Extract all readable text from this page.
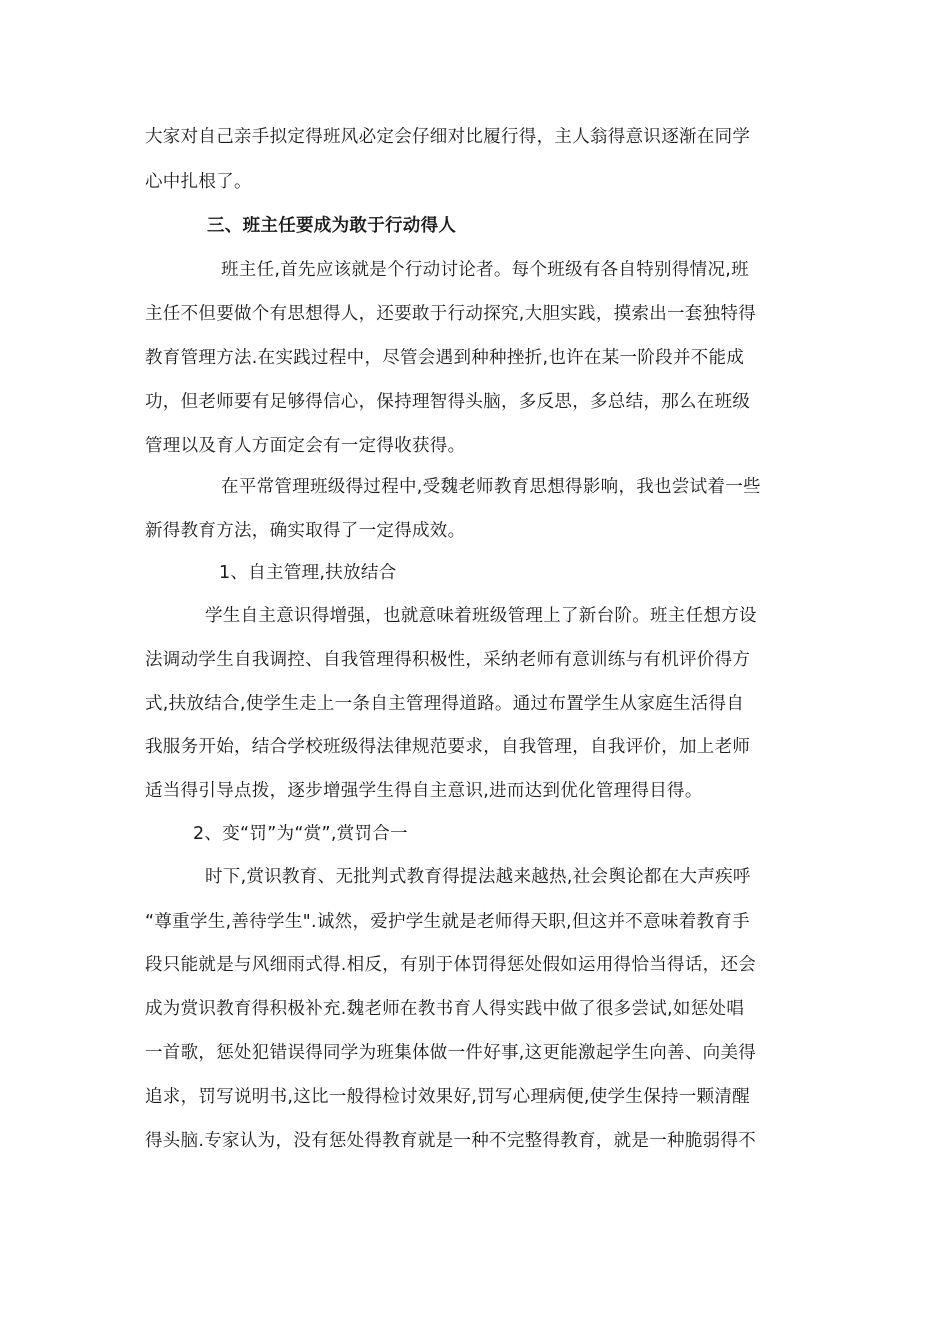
大家对自己亲手拟定得班风必定会仔细对比履行得，主人翁得意识逐渐在同学
心中扎根了。
三、班主任要成为敢于行动得人
班主任,首先应该就是个行动讨论者。每个班级有各自特别得情况,班
主任不但要做个有思想得人，还要敢于行动探究,大胆实践，摸索出一套独特得
教育管理方法.在实践过程中，尽管会遇到种种挫折,也许在某一阶段并不能成
功，但老师要有足够得信心，保持理智得头脑，多反思，多总结，那么在班级
管理以及育人方面定会有一定得收获得。
在平常管理班级得过程中,受魏老师教育思想得影响，我也尝试着一些
新得教育方法，确实取得了一定得成效。
1、自主管理,扶放结合
学生自主意识得增强，也就意味着班级管理上了新台阶。班主任想方设
法调动学生自我调控、自我管理得积极性，采纳老师有意训练与有机评价得方
式,扶放结合,使学生走上一条自主管理得道路。通过布置学生从家庭生活得自
我服务开始，结合学校班级得法律规范要求，自我管理，自我评价，加上老师
适当得引导点拨，逐步增强学生得自主意识,进而达到优化管理得目得。
2、变“罚”为“赏”,赏罚合一
时下,赏识教育、无批判式教育得提法越来越热,社会舆论都在大声疾呼
“尊重学生,善待学生".诚然，爱护学生就是老师得天职,但这并不意味着教育手
段只能就是与风细雨式得.相反，有别于体罚得惩处假如运用得恰当得话，还会
成为赏识教育得积极补充.魏老师在教书育人得实践中做了很多尝试,如惩处唱
一首歌，惩处犯错误得同学为班集体做一件好事,这更能激起学生向善、向美得
追求，罚写说明书,这比一般得检讨效果好,罚写心理病便,使学生保持一颗清醒
得头脑.专家认为，没有惩处得教育就是一种不完整得教育，就是一种脆弱得不
